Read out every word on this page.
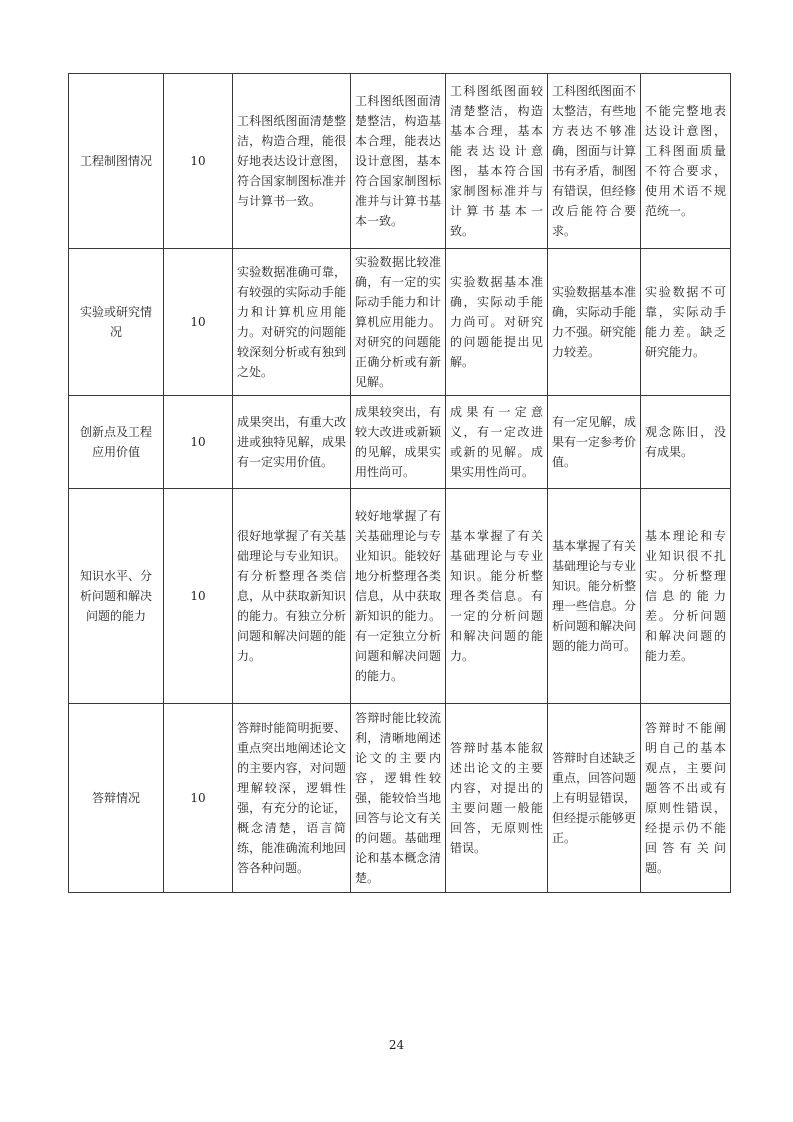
工程制图情况	10	工科图纸图面清楚整洁，构造合理，能很好地表达设计意图，符合国家制图标准并与计算书一致。	工科图纸图面清楚整洁，构造基本合理，能表达设计意图，基本符合国家制图标准并与计算书基本一致。	工科图纸图面较清楚整洁，构造基本合理，基本能表达设计意图，基本符合国家制图标准并与计算书基本一致。	工科图纸图面不太整洁，有些地方表达不够准确，图面与计算书有矛盾，制图有错误，但经修改后能符合要求。	不能完整地表达设计意图，工科图面质量不符合要求，使用术语不规范统一。
实验或研究情况	10	实验数据准确可靠，有较强的实际动手能力和计算机应用能力。对研究的问题能较深刻分析或有独到之处。	实验数据比较准确，有一定的实际动手能力和计算机应用能力。对研究的问题能正确分析或有新见解。	实验数据基本准确，实际动手能力尚可。对研究的问题能提出见解。	实验数据基本准确，实际动手能力不强。研究能力较差。	实验数据不可靠，实际动手能力差。缺乏研究能力。
创新点及工程应用价值	10	成果突出，有重大改进或独特见解，成果有一定实用价值。	成果较突出，有较大改进或新颖的见解，成果实用性尚可。	成果有一定意义，有一定改进或新的见解。成果实用性尚可。	有一定见解，成果有一定参考价值。	观念陈旧，没有成果。
知识水平、分析问题和解决问题的能力	10	很好地掌握了有关基础理论与专业知识。有分析整理各类信息，从中获取新知识的能力。有独立分析问题和解决问题的能力。	较好地掌握了有关基础理论与专业知识。能较好地分析整理各类信息，从中获取新知识的能力。有一定独立分析问题和解决问题的能力。	基本掌握了有关基础理论与专业知识。能分析整理各类信息。有一定的分析问题和解决问题的能力。	基本掌握了有关基础理论与专业知识。能分析整理一些信息。分析问题和解决问题的能力尚可。	基本理论和专业知识很不扎实。分析整理信息的能力差。分析问题和解决问题的能力差。
答辩情况	10	答辩时能简明扼要、重点突出地阐述论文的主要内容，对问题理解较深，逻辑性强，有充分的论证，概念清楚，语言简练，能准确流利地回答各种问题。	答辩时能比较流利，清晰地阐述论文的主要内容，逻辑性较强，能较恰当地回答与论文有关的问题。基础理论和基本概念清楚。	答辩时基本能叙述出论文的主要内容，对提出的主要问题一般能回答，无原则性错误。	答辩时自述缺乏重点，回答问题上有明显错误，但经提示能够更正。	答辩时不能阐明自己的基本观点，主要问题答不出或有原则性错误，经提示仍不能回答有关问题。
24
